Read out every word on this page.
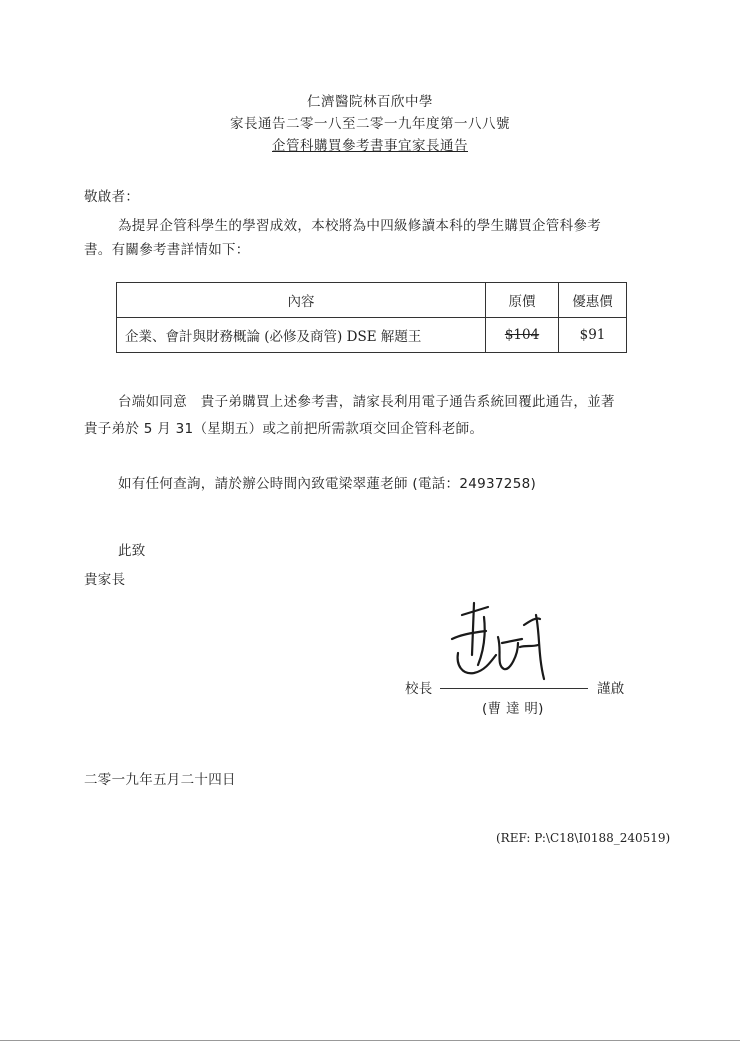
仁濟醫院林百欣中學
家長通告二零一八至二零一九年度第一八八號
企管科購買參考書事宜家長通告
敬啟者：
為提昇企管科學生的學習成效，本校將為中四級修讀本科的學生購買企管科參考
書。有關參考書詳情如下：
內容	原價	優惠價
企業、會計與財務概論 (必修及商管) DSE 解題王	$104	$91
台端如同意　貴子弟購買上述參考書，請家長利用電子通告系統回覆此通告，並著
貴子弟於 5 月 31（星期五）或之前把所需款項交回企管科老師。
如有任何查詢，請於辦公時間內致電梁翠蓮老師 (電話：24937258)
此致
貴家長
校長	謹啟
(曹 達 明)
二零一九年五月二十四日
(REF: P:\C18\I0188_240519)
